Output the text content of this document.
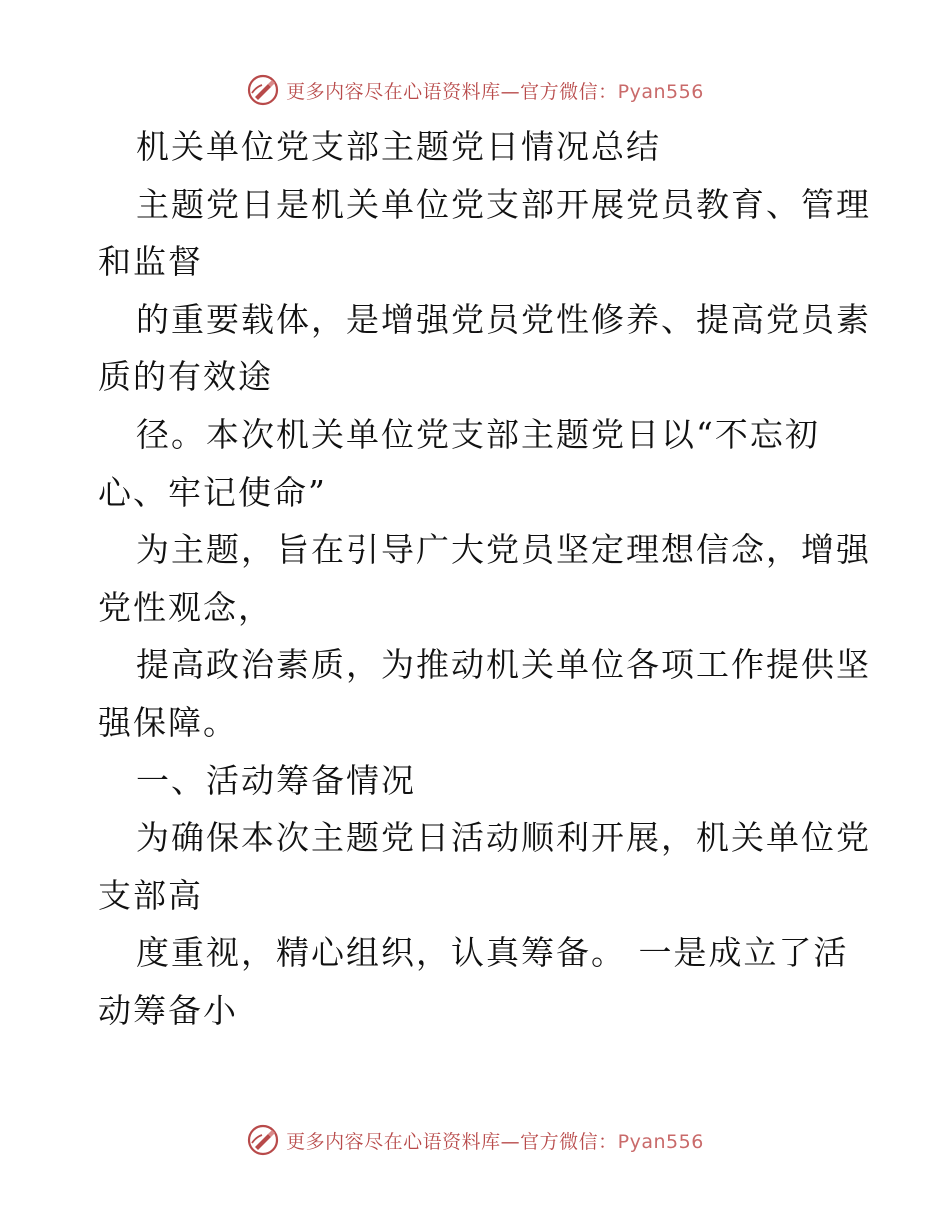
更多内容尽在心语资料库—官方微信：Pyan556
机关单位党支部主题党日情况总结
主题党日是机关单位党支部开展党员教育、管理
和监督
的重要载体，是增强党员党性修养、提高党员素
质的有效途
径。本次机关单位党支部主题党日以“不忘初
心、牢记使命”
为主题，旨在引导广大党员坚定理想信念，增强
党性观念，
提高政治素质，为推动机关单位各项工作提供坚
强保障。
一、活动筹备情况
为确保本次主题党日活动顺利开展，机关单位党
支部高
度重视，精心组织，认真筹备。 一是成立了活
动筹备小
更多内容尽在心语资料库—官方微信：Pyan556
